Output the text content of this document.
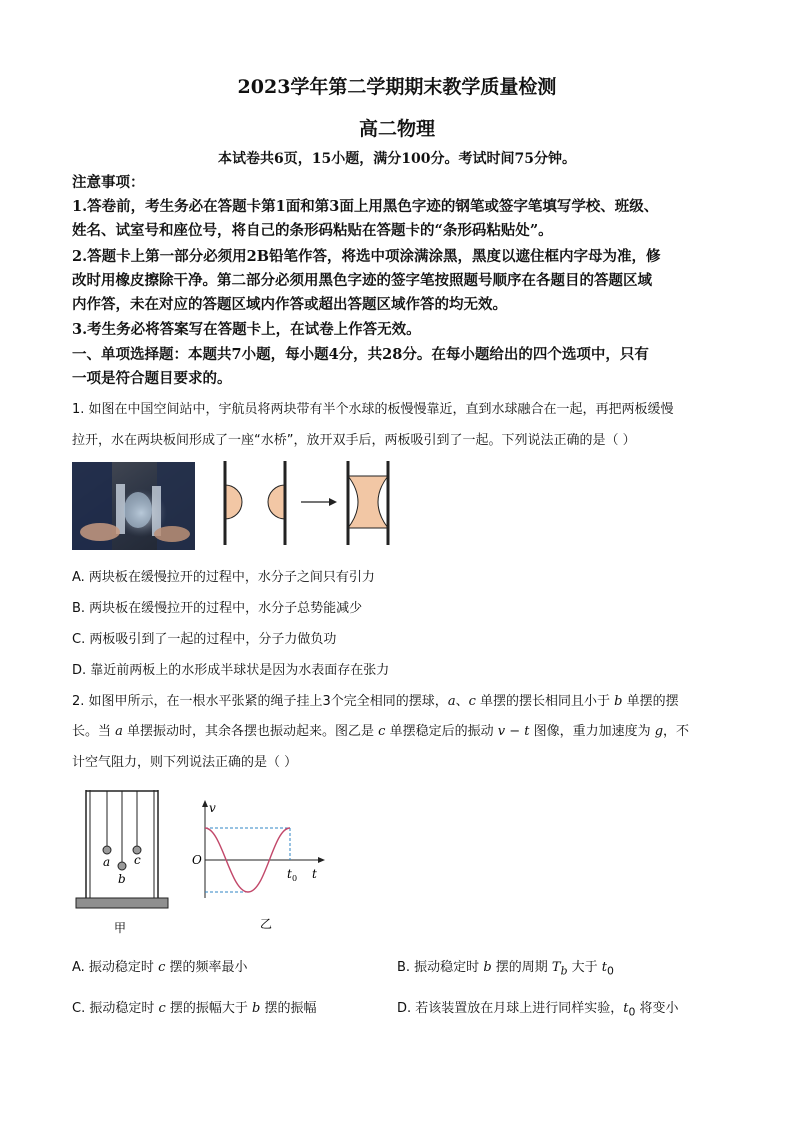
2023学年第二学期期末教学质量检测
高二物理
本试卷共6页，15小题，满分100分。考试时间75分钟。
注意事项：
1.答卷前，考生务必在答题卡第1面和第3面上用黑色字迹的钢笔或签字笔填写学校、班级、
姓名、试室号和座位号，将自己的条形码粘贴在答题卡的“条形码粘贴处”。
2.答题卡上第一部分必须用2B铅笔作答，将选中项涂满涂黑，黑度以遮住框内字母为准，修
改时用橡皮擦除干净。第二部分必须用黑色字迹的签字笔按照题号顺序在各题目的答题区域
内作答，未在对应的答题区域内作答或超出答题区域作答的均无效。
3.考生务必将答案写在答题卡上，在试卷上作答无效。
一、单项选择题：本题共7小题，每小题4分，共28分。在每小题给出的四个选项中，只有
一项是符合题目要求的。
1. 如图在中国空间站中，宇航员将两块带有半个水球的板慢慢靠近，直到水球融合在一起，再把两板缓慢
拉开，水在两块板间形成了一座“水桥”，放开双手后，两板吸引到了一起。下列说法正确的是（ ）
A. 两块板在缓慢拉开的过程中，水分子之间只有引力
B. 两块板在缓慢拉开的过程中，水分子总势能减少
C. 两板吸引到了一起的过程中，分子力做负功
D. 靠近前两板上的水形成半球状是因为水表面存在张力
2. 如图甲所示，在一根水平张紧的绳子挂上3个完全相同的摆球，a、c 单摆的摆长相同且小于 b 单摆的摆
长。当 a 单摆振动时，其余各摆也振动起来。图乙是 c 单摆稳定后的振动 v − t 图像，重力加速度为 g，不
计空气阻力，则下列说法正确的是（ ）
a
b
c
甲
v
t
O
t 0
乙
A. 振动稳定时 c 摆的频率最小	B. 振动稳定时 b 摆的周期 $T_b$ 大于 $t_0$
C. 振动稳定时 c 摆的振幅大于 b 摆的振幅	D. 若该装置放在月球上进行同样实验，$t_0$ 将变小
